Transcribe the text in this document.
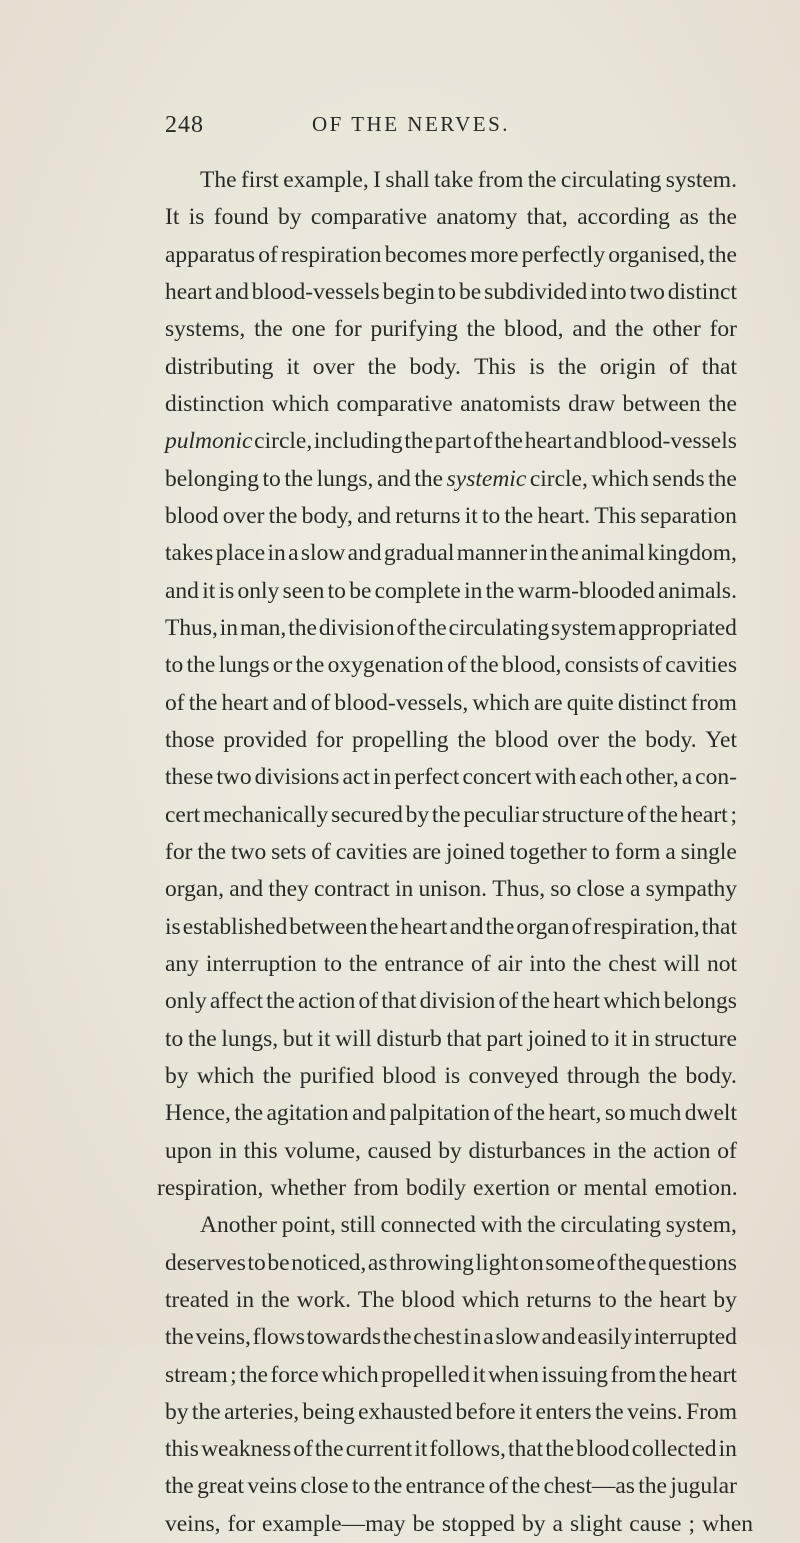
248	OF THE NERVES.
The first example, I shall take from the circulating system.
It is found by comparative anatomy that, according as the
apparatus of respiration becomes more perfectly organised, the
heart and blood-vessels begin to be subdivided into two distinct
systems, the one for purifying the blood, and the other for
distributing it over the body. This is the origin of that
distinction which comparative anatomists draw between the
pulmonic circle, including the part of the heart and blood-vessels
belonging to the lungs, and the systemic circle, which sends the
blood over the body, and returns it to the heart. This separation
takes place in a slow and gradual manner in the animal kingdom,
and it is only seen to be complete in the warm-blooded animals.
Thus, in man, the division of the circulating system appropriated
to the lungs or the oxygenation of the blood, consists of cavities
of the heart and of blood-vessels, which are quite distinct from
those provided for propelling the blood over the body. Yet
these two divisions act in perfect concert with each other, a con-
cert mechanically secured by the peculiar structure of the heart ;
for the two sets of cavities are joined together to form a single
organ, and they contract in unison. Thus, so close a sympathy
is established between the heart and the organ of respiration, that
any interruption to the entrance of air into the chest will not
only affect the action of that division of the heart which belongs
to the lungs, but it will disturb that part joined to it in structure
by which the purified blood is conveyed through the body.
Hence, the agitation and palpitation of the heart, so much dwelt
upon in this volume, caused by disturbances in the action of
respiration, whether from bodily exertion or mental emotion.
Another point, still connected with the circulating system,
deserves to be noticed, as throwing light on some of the questions
treated in the work. The blood which returns to the heart by
the veins, flows towards the chest in a slow and easily interrupted
stream ; the force which propelled it when issuing from the heart
by the arteries, being exhausted before it enters the veins. From
this weakness of the current it follows, that the blood collected in
the great veins close to the entrance of the chest—as the jugular
veins, for example—may be stopped by a slight cause ; when
